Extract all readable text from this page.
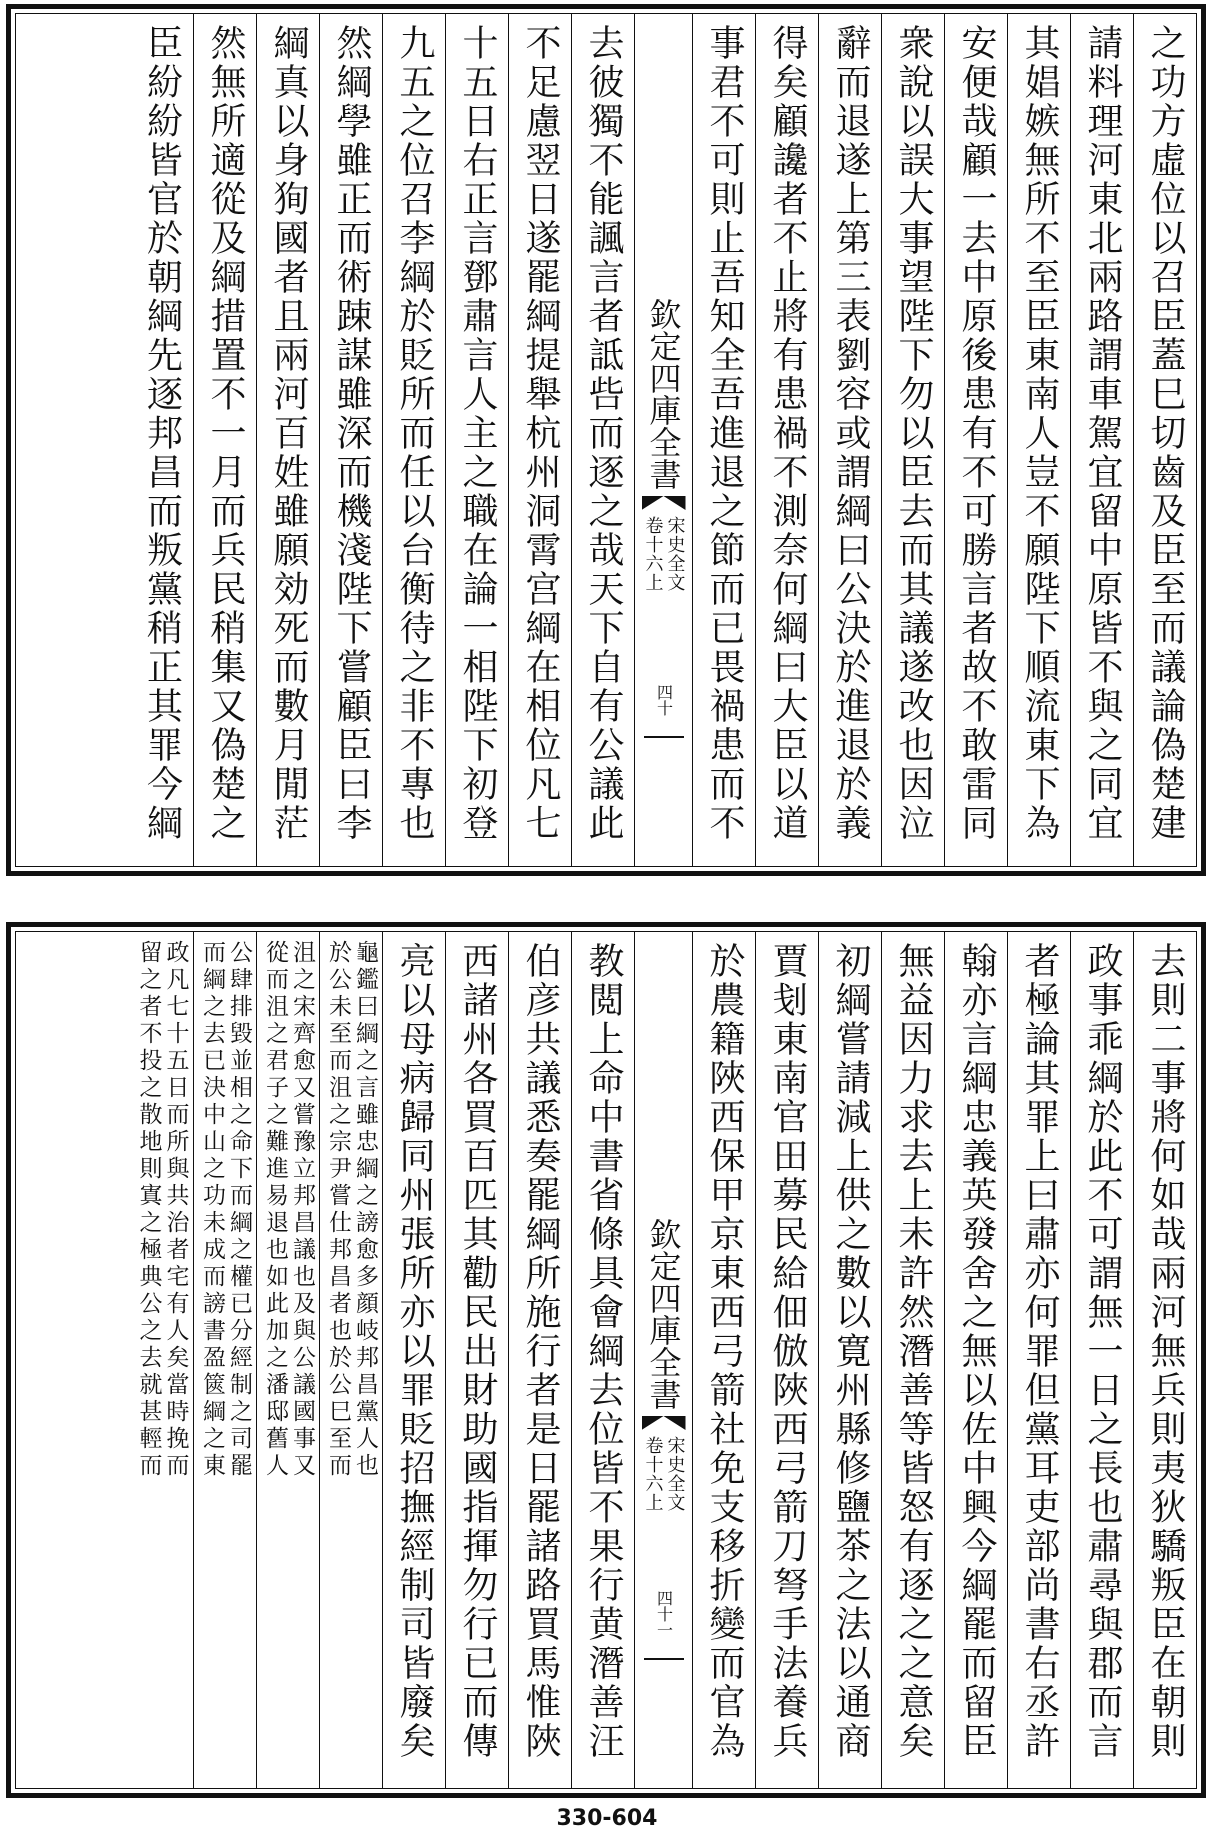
之功方虛位以召臣蓋巳切齒及臣至而議論偽楚建
請料理河東北兩路謂車駕宜留中原皆不與之同宜
其娼嫉無所不至臣東南人豈不願陛下順流東下為
安便哉顧一去中原後患有不可勝言者故不敢雷同
衆說以誤大事望陛下勿以臣去而其議遂改也因泣
辭而退遂上第三表劉容或謂綱曰公決於進退於義
得矣顧讒者不止將有患禍不測奈何綱曰大臣以道
事君不可則止吾知全吾進退之節而已畏禍患而不
欽定四庫全書
宋史全文
卷十六上
四十
去彼獨不能諷言者詆呰而逐之哉天下自有公議此
不足慮翌日遂罷綱提舉杭州洞霄宫綱在相位凡七
十五日右正言鄧肅言人主之職在論一相陛下初登
九五之位召李綱於貶所而任以台衡待之非不專也
然綱學雖正而術踈謀雖深而機淺陛下嘗顧臣曰李
綱真以身狥國者且兩河百姓雖願効死而數月閒茫
然無所適從及綱措置不一月而兵民稍集又偽楚之
臣紛紛皆官於朝綱先逐邦昌而叛黨稍正其罪今綱
去則二事將何如哉兩河無兵則夷狄驕叛臣在朝則
政事乖綱於此不可謂無一日之長也肅尋與郡而言
者極論其罪上曰肅亦何罪但黨耳吏部尚書右丞許
翰亦言綱忠義英發舍之無以佐中興今綱罷而留臣
無益因力求去上未許然潛善等皆怒有逐之之意矣
初綱嘗請減上供之數以寛州縣修鹽茶之法以通商
賈刬東南官田募民給佃倣陜西弓箭刀弩手法養兵
於農籍陜西保甲京東西弓箭社免支移折變而官為
欽定四庫全書
宋史全文
卷十六上
四十一
教閲上命中書省條具會綱去位皆不果行黄潛善汪
伯彦共議悉奏罷綱所施行者是日罷諸路買馬惟陜
西諸州各買百匹其勸民出財助國指揮勿行已而傳
亮以母病歸同州張所亦以罪貶招撫經制司皆廢矣
龜鑑曰綱之言雖忠綱之謗愈多顔岐邦昌黨人也
於公未至而沮之宗尹嘗仕邦昌者也於公巳至而
沮之宋齊愈又嘗豫立邦昌議也及與公議國事又
從而沮之君子之難進易退也如此加之潘邸舊人
公肆排毀並相之命下而綱之權已分經制之司罷
而綱之去已決中山之功未成而謗書盈篋綱之東
政凡七十五日而所與共治者宅有人矣當時挽而
留之者不投之散地則寘之極典公之去就甚輕而
330-604
